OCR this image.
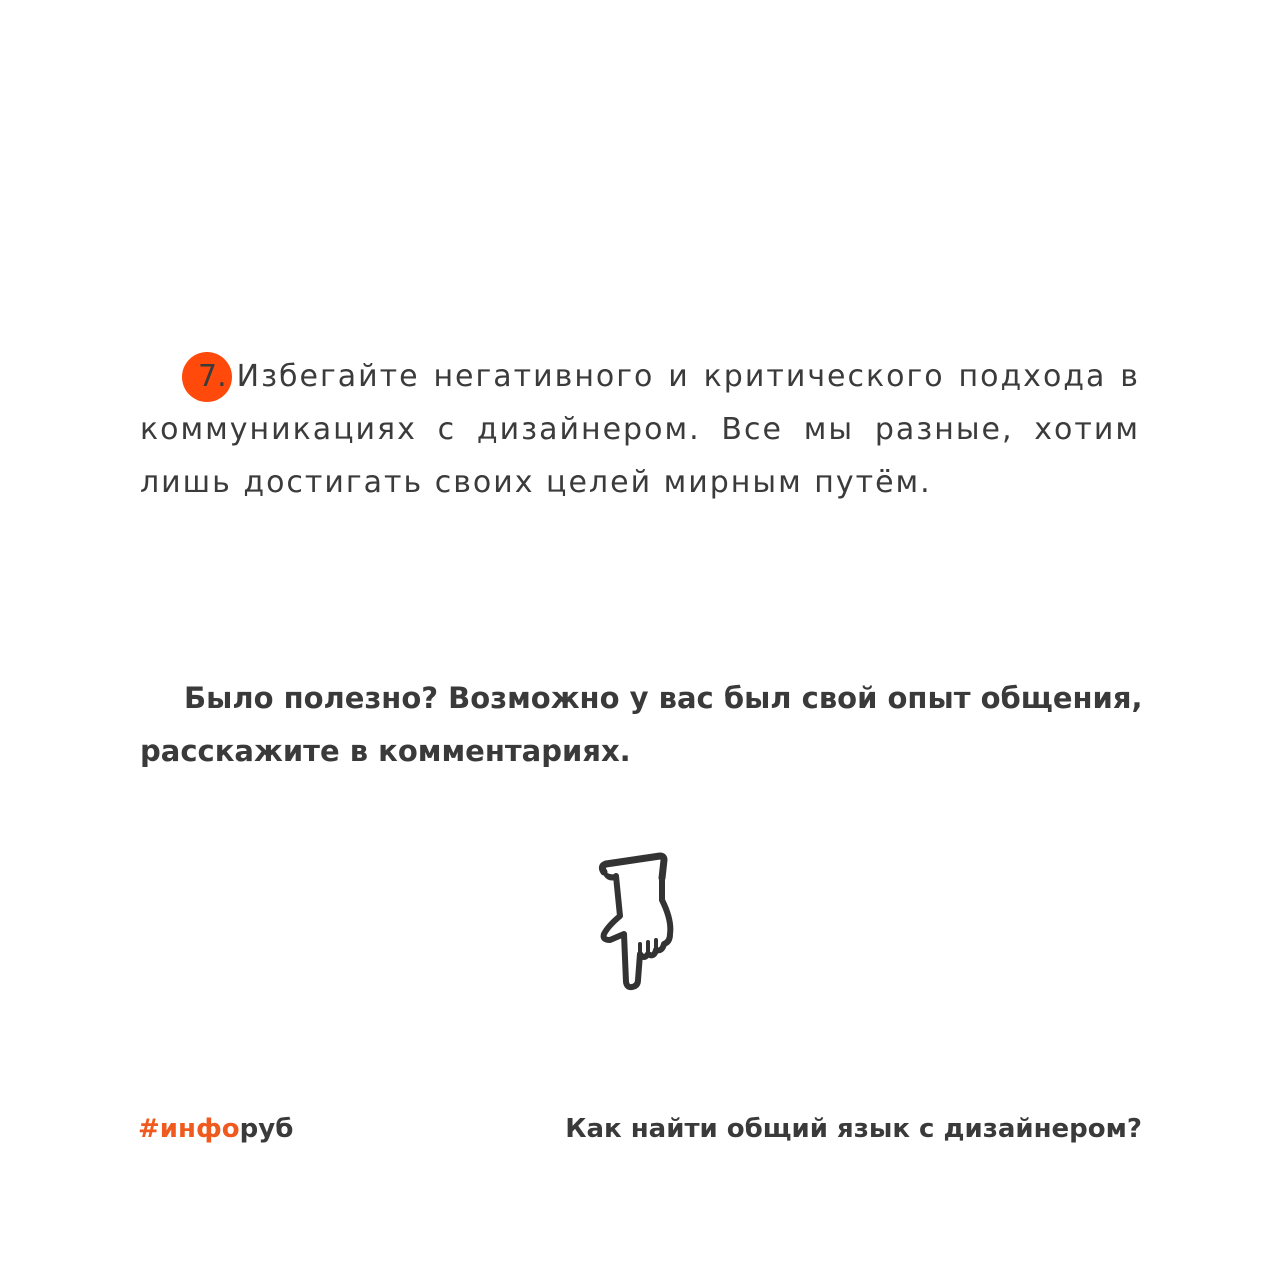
7. Избегайте негативного и критического подхода в коммуникациях с дизайнером. Все мы разные, хотим лишь достигать своих целей мирным путём.

Было полезно? Возможно у вас был свой опыт общения, расскажите в комментариях.

#инфоруб	Как найти общий язык с дизайнером?
